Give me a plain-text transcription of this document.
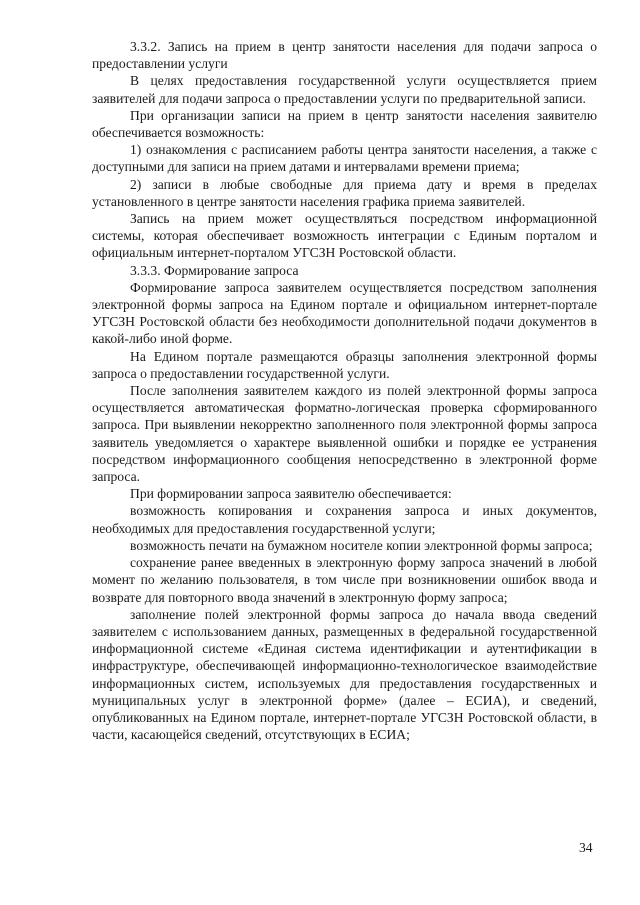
3.3.2. Запись на прием в центр занятости населения для подачи запроса о предоставлении услуги

В целях предоставления государственной услуги осуществляется прием заявителей для подачи запроса о предоставлении услуги по предварительной записи.

При организации записи на прием в центр занятости населения заявителю обеспечивается возможность:

1) ознакомления с расписанием работы центра занятости населения, а также с доступными для записи на прием датами и интервалами времени приема;

2) записи в любые свободные для приема дату и время в пределах установленного в центре занятости населения графика приема заявителей.

Запись на прием может осуществляться посредством информационной системы, которая обеспечивает возможность интеграции с Единым порталом и официальным интернет-порталом УГСЗН Ростовской области.

3.3.3. Формирование запроса

Формирование запроса заявителем осуществляется посредством заполнения электронной формы запроса на Едином портале и официальном интернет-портале УГСЗН Ростовской области без необходимости дополнительной подачи документов в какой-либо иной форме.

На Едином портале размещаются образцы заполнения электронной формы запроса о предоставлении государственной услуги.

После заполнения заявителем каждого из полей электронной формы запроса осуществляется автоматическая форматно-логическая проверка сформированного запроса. При выявлении некорректно заполненного поля электронной формы запроса заявитель уведомляется о характере выявленной ошибки и порядке ее устранения посредством информационного сообщения непосредственно в электронной форме запроса.

При формировании запроса заявителю обеспечивается:

возможность копирования и сохранения запроса и иных документов, необходимых для предоставления государственной услуги;

возможность печати на бумажном носителе копии электронной формы запроса;

сохранение ранее введенных в электронную форму запроса значений в любой момент по желанию пользователя, в том числе при возникновении ошибок ввода и возврате для повторного ввода значений в электронную форму запроса;

заполнение полей электронной формы запроса до начала ввода сведений заявителем с использованием данных, размещенных в федеральной государственной информационной системе «Единая система идентификации и аутентификации в инфраструктуре, обеспечивающей информационно-технологическое взаимодействие информационных систем, используемых для предоставления государственных и муниципальных услуг в электронной форме» (далее – ЕСИА), и сведений, опубликованных на Едином портале, интернет-портале УГСЗН Ростовской области, в части, касающейся сведений, отсутствующих в ЕСИА;

34
